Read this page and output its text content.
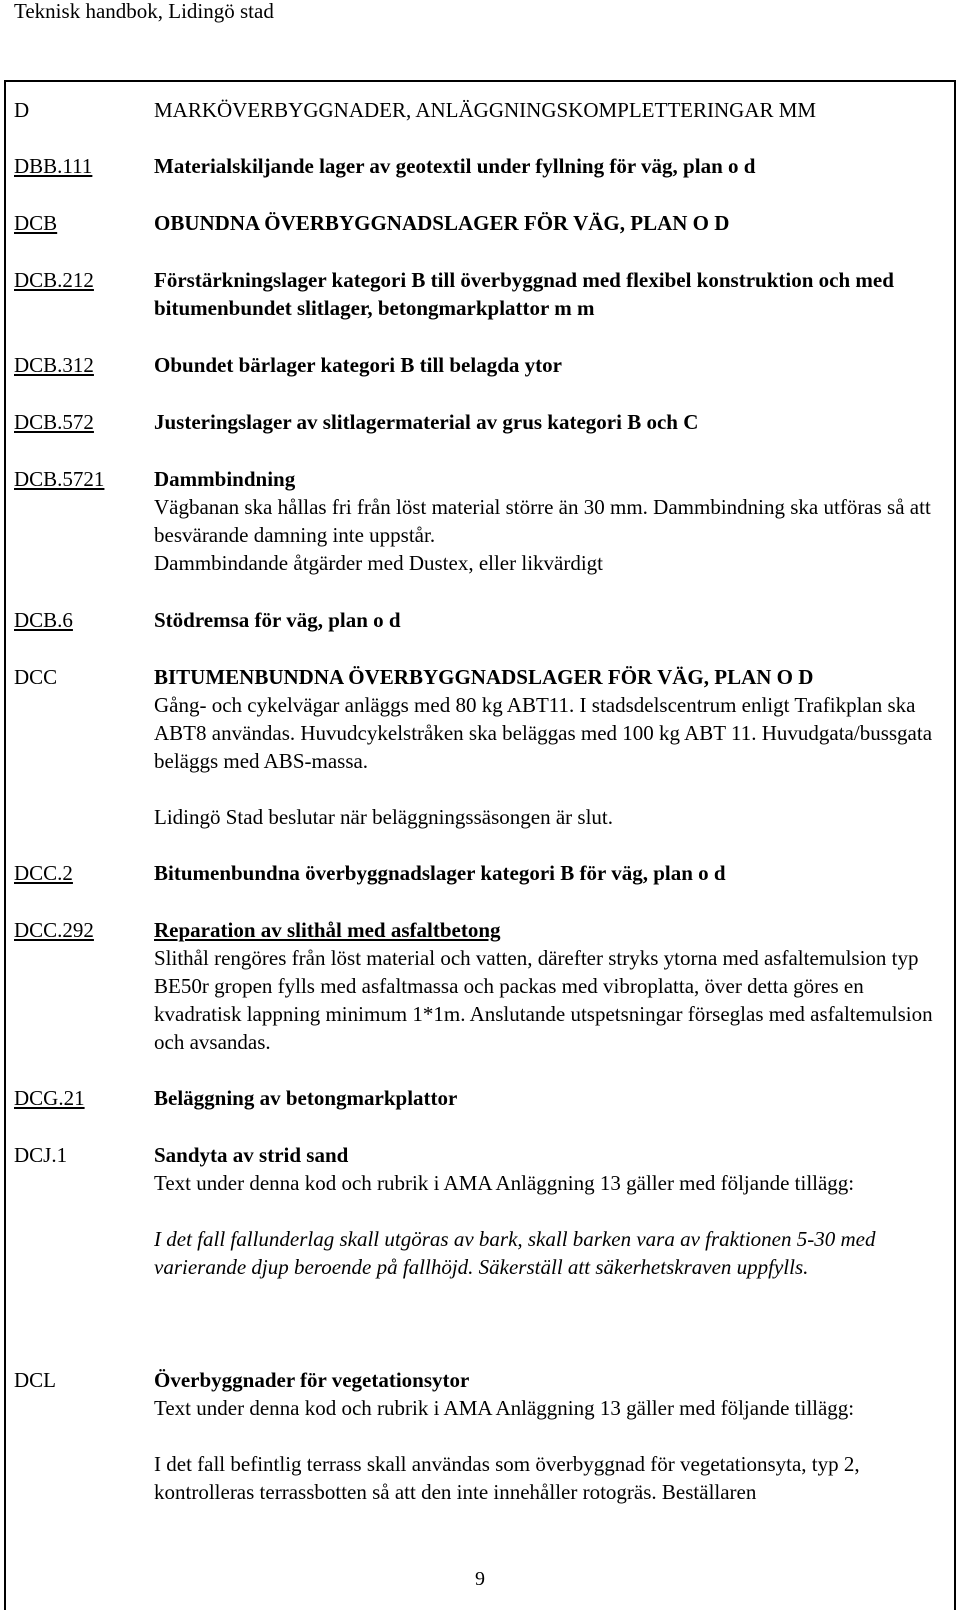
Teknisk handbok, Lidingö stad
D	MARKÖVERBYGGNADER, ANLÄGGNINGSKOMPLETTERINGAR MM

DBB.111	Materialskiljande lager av geotextil under fyllning för väg, plan o d
DCB	OBUNDNA ÖVERBYGGNADSLAGER FÖR VÄG, PLAN O D
DCB.212	Förstärkningslager kategori B till överbyggnad med flexibel konstruktion och med bitumenbundet slitlager, betongmarkplattor m m
DCB.312	Obundet bärlager kategori B till belagda ytor
DCB.572	Justeringslager av slitlagermaterial av grus kategori B och C
DCB.5721 Dammbindning

Vägbanan ska hållas fri från löst material större än 30 mm. Dammbindning ska utföras så att besvärande damning inte uppstår.

Dammbindande åtgärder med Dustex, eller likvärdigt

DCB.6	Stödremsa för väg, plan o d
DCC	BITUMENBUNDNA ÖVERBYGGNADSLAGER FÖR VÄG, PLAN O D

Gång- och cykelvägar anläggs med 80 kg ABT11. I stadsdelscentrum enligt Trafikplan ska ABT8 användas. Huvudcykelstråken ska beläggas med 100 kg ABT 11. Huvudgata/bussgata beläggs med ABS-massa.

Lidingö Stad beslutar när beläggningssäsongen är slut.

DCC.2	Bitumenbundna överbyggnadslager kategori B för väg, plan o d
DCC.292	Reparation av slithål med asfaltbetong

Slithål rengöres från löst material och vatten, därefter stryks ytorna med asfaltemulsion typ BE50r gropen fylls med asfaltmassa och packas med vibroplatta, över detta göres en kvadratisk lappning minimum 1*1m. Anslutande utspetsningar förseglas med asfaltemulsion och avsandas.

DCG.21	Beläggning av betongmarkplattor
DCJ.1	Sandyta av strid sand

Text under denna kod och rubrik i AMA Anläggning 13 gäller med följande tillägg:

I det fall fallunderlag skall utgöras av bark, skall barken vara av fraktionen 5-30 med varierande djup beroende på fallhöjd. Säkerställ att säkerhetskraven uppfylls.

DCL	Överbyggnader för vegetationsytor

Text under denna kod och rubrik i AMA Anläggning 13 gäller med följande tillägg:

I det fall befintlig terrass skall användas som överbyggnad för vegetationsyta, typ 2, kontrolleras terrassbotten så att den inte innehåller rotogräs. Beställaren

9
